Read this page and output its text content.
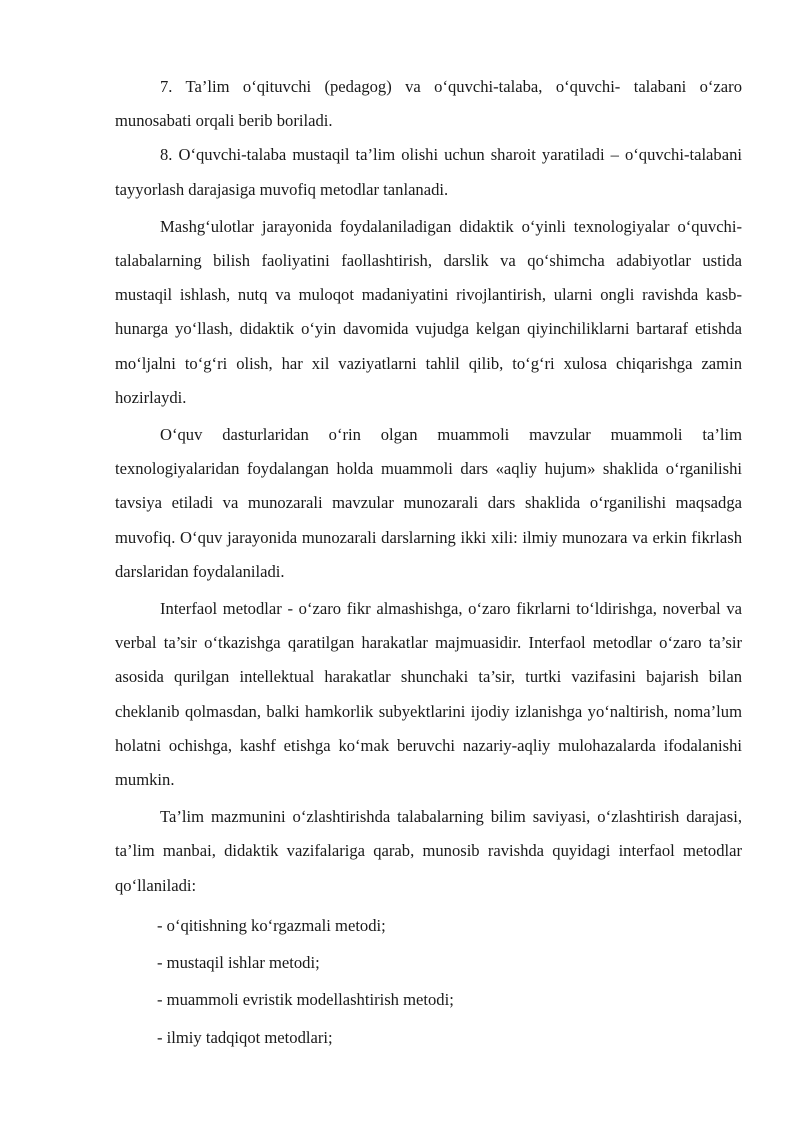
7. Ta’lim o‘qituvchi (pedagog) va o‘quvchi-talaba, o‘quvchi- talabani o‘zaro munosabati orqali berib boriladi.

8. O‘quvchi-talaba mustaqil ta’lim olishi uchun sharoit yaratiladi – o‘quvchi-talabani tayyorlash darajasiga muvofiq metodlar tanlanadi.

Mashg‘ulotlar jarayonida foydalaniladigan didaktik o‘yinli texnologiyalar o‘quvchi-talabalarning bilish faoliyatini faollashtirish, darslik va qo‘shimcha adabiyotlar ustida mustaqil ishlash, nutq va muloqot madaniyatini rivojlantirish, ularni ongli ravishda kasb-hunarga yo‘llash, didaktik o‘yin davomida vujudga kelgan qiyinchiliklarni bartaraf etishda mo‘ljalni to‘g‘ri olish, har xil vaziyatlarni tahlil qilib, to‘g‘ri xulosa chiqarishga zamin hozirlaydi.

O‘quv dasturlaridan o‘rin olgan muammoli mavzular muammoli ta’lim texnologiyalaridan foydalangan holda muammoli dars «aqliy hujum» shaklida o‘rganilishi tavsiya etiladi va munozarali mavzular munozarali dars shaklida o‘rganilishi maqsadga muvofiq. O‘quv jarayonida munozarali darslarning ikki xili: ilmiy munozara va erkin fikrlash darslaridan foydalaniladi.

Interfaol metodlar - o‘zaro fikr almashishga, o‘zaro fikrlarni to‘ldirishga, noverbal va verbal ta’sir o‘tkazishga qaratilgan harakatlar majmuasidir. Interfaol metodlar o‘zaro ta’sir asosida qurilgan intellektual harakatlar shunchaki ta’sir, turtki vazifasini bajarish bilan cheklanib qolmasdan, balki hamkorlik subyektlarini ijodiy izlanishga yo‘naltirish, noma’lum holatni ochishga, kashf etishga ko‘mak beruvchi nazariy-aqliy mulohazalarda ifodalanishi mumkin.

Ta’lim mazmunini o‘zlashtirishda talabalarning bilim saviyasi, o‘zlashtirish darajasi, ta’lim manbai, didaktik vazifalariga qarab, munosib ravishda quyidagi interfaol metodlar qo‘llaniladi:

- o‘qitishning ko‘rgazmali metodi;

- mustaqil ishlar metodi;

- muammoli evristik modellashtirish metodi;

- ilmiy tadqiqot metodlari;
